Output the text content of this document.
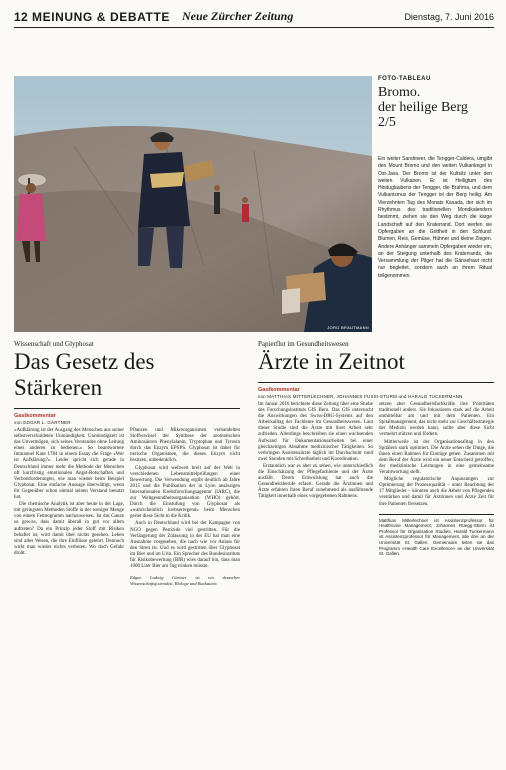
12 MEINUNG & DEBATTE Neue Zürcher Zeitung	Dienstag, 7. Juni 2016
JORG BRAUTMANN
FOTO-TABLEAU
Bromo.
der heilige Berg
2/5
Ein weiter Sandmeer, die Tengger-Caldera, umgibt den Mount Bromo und den weiten Vulkankegel in Ost-Java. Der Bromo ist der Kultsitz unter den weiten Vulkanen. Er ist Heiligtum des Hinduglaubens der Tengger, die Brahma, und dem Vulkanismus der Tengger ist der Berg heilig. Am Vierzehnten Tag des Monats Kasada, der sich im Rhythmus des traditionellen Mondkalenders bestimmt, ziehen sie den Weg durch die karge Landschaft auf den Kraterrand. Dort werfen sie Opfergaben an die Gottheit in den Schlund: Blumen, Reis, Gemüse, Hühner und kleine Ziegen. Andere Anhänger sammeln Opfergaben wieder ein, an der Steigung unterhalb des Kraterrands, die Versammlung der Pilger hat die Gänsehaut nicht nur begleitet, sondern auch an ihrem Ritual teilgenommen.
Wissenschaft und Glyphosat
Das Gesetz des Stärkeren
Gastkommentar
von EDGAR L. GÄRTNER

«Aufklärung ist der Ausgang des Menschen aus seiner selbstverschuldeten Unmündigkeit. Unmündigkeit ist das Unvermögen, sich seines Verstandes ohne Leitung eines anderen zu bedienen.» So beantwortete Immanuel Kant 1784 in einem Essay die Frage «Wer ist Aufklärung?». Leider spricht sich gerade in Deutschland immer mehr die Methode der Menschen oft kurzfristig emotionalen Angst-Botschaften und Verbotsforderungen, wie man wieder beim Beispiel Glyphosat. Eine einfache Aussage überwältigt, wenn ihr Gegenüber schon einmal seinen Verstand benutzt hat.

Die chemische Analytik ist aber heute in der Lage, mit geringsten Methoden Stoffe in der weniger Menge von einem Femtogramm nachzuweisen. Ist das Ganze so gewiss, dass damit überall in gut vor allem auftreten? Da ein Prinzip jeder Stoff mit Risiken behaftet ist, wird damit über nichts gesehen. Leben sind alles Wesen, die ihre Einflüsse gelehrt. Dennoch wirkt man wieder nichts verboten. Wo doch Gefahr droht.

Pflanzen und Mikroorganismen verhandelten Stoffwechsel der Synthese der aromatischen Aminosäuren Phenylalanin, Tryptophan und Tyrosin durch das Enzym EPSPS. Glyphosat ist daher für tierische Organismen, die dieses Enzym nicht besitzen, unbedenklich.

Glyphosat wird weltweit breit auf der Welt in verschiedenen Lebensmittelprüfungen einer Bewertung. Die Verwendung ergibt deutlich ab Jahre 2015 und die Publikation der in Lyon ansässigen Internationalen Krebsforschungsagentur (IARC), die zur Weltgesundheitsorganisation (WHO) gehört. Durch die Einstufung von Glyphosat als «wahrscheinlich krebserregend» beim Menschen geriet diese Sicht in die Kritik.

Auch in Deutschland wird bei der Kampagne von NGO gegen Pestizide viel gestritten. Für die Verlängerung der Zulassung in der EU hat man eine Ausnahme vorgesehen, die nach wie vor Anlass für den Streit ist. Und es wird gestritten über Glyphosat im Bier und im Urin. Ein Sprecher des Bundesinstituts für Risikobewertung (BfR) wies darauf hin, dass man 1000 Liter Bier am Tag trinken müsste.

Edgar Ludwig Gärtner ist ein deutscher Wissenschaftsjournalist, Biologe und Buchautor.
Papierflut im Gesundheitswesen
Ärzte in Zeitnot
Gastkommentar
von MATTHIAS MITTERLECHNER, JOHANNES FUSSI-STURM und HARALD TUCKERMANN

Im Januar 2016 berichtete diese Zeitung über eine Studie des Forschungsinstituts GfS Bern. Das GfS untersucht die Auswirkungen des Swiss-DRG-Systems auf den Arbeitsalltag der Fachleute im Gesundheitswesen. Laut dieser Studie sind die Ärzte mit ihrer Arbeit sehr zufrieden. Allerdings beschreiben sie einen wachsenden Aufwand für Dokumentationsarbeiten bei einer gleichzeitigen Abnahme medizinischer Tätigkeiten. So verbringen Assistenzärzte täglich im Durchschnitt rund zwei Stunden mit Schreibarbeit und Koordination.

Erstaunlich war es aber zu sehen, wie unterschiedlich die Einschätzung der Pflegefachleute und der Ärzte ausfällt. Deren Entwicklung hat auch die Gesundheitsberufe erfasst. Gerade die Ärztinnen und Ärzte erfahren ihren Beruf zunehmend als ausführende Tätigkeit innerhalb eines vorgegebenen Rahmens.

setzen aber Gesundheitsfachkräfte ihre Prioritäten traditionell anders. Sie fokussieren stark auf die Arbeit unmittelbar am und mit dem Patienten. Ein Spitalmanagement, das nicht mehr zur Geschäftsstrategie der Medizin werden kann, sollte aber diese Sicht vermehrt stützen und fördern.

Mittlerweile ist der Organisationsalltag in den Spitälern stark optimiert. Die Ärzte sehen die Dinge, die ihnen einen Rahmen für Einträge geben. Zusammen mit dem Beruf der Ärzte wird ein neuer Entscheid getroffen, der medizinische Leistungen in eine gemeinsame Verantwortung stellt.

Mögliche regulatorische Anpassungen zur Optimierung der Prozessqualität – unter Beachtung der 17 Mitglieder – könnten auch die Arbeit von Pflegenden verstärken und damit für Ärztinnen und Ärzte Zeit für ihre Patienten freisetzen.

Matthias Mitterlechner ist Assistenzprofessor für Healthcare Management; Johannes Rüegg-Stürm ist Professor für Organisation Studies; Harald Tuckermann ist Assistenzprofessor für Management, alle drei an der Universität St. Gallen. Gemeinsam leiten sie das Programm «Health Care Excellence» an der Universität St. Gallen.
